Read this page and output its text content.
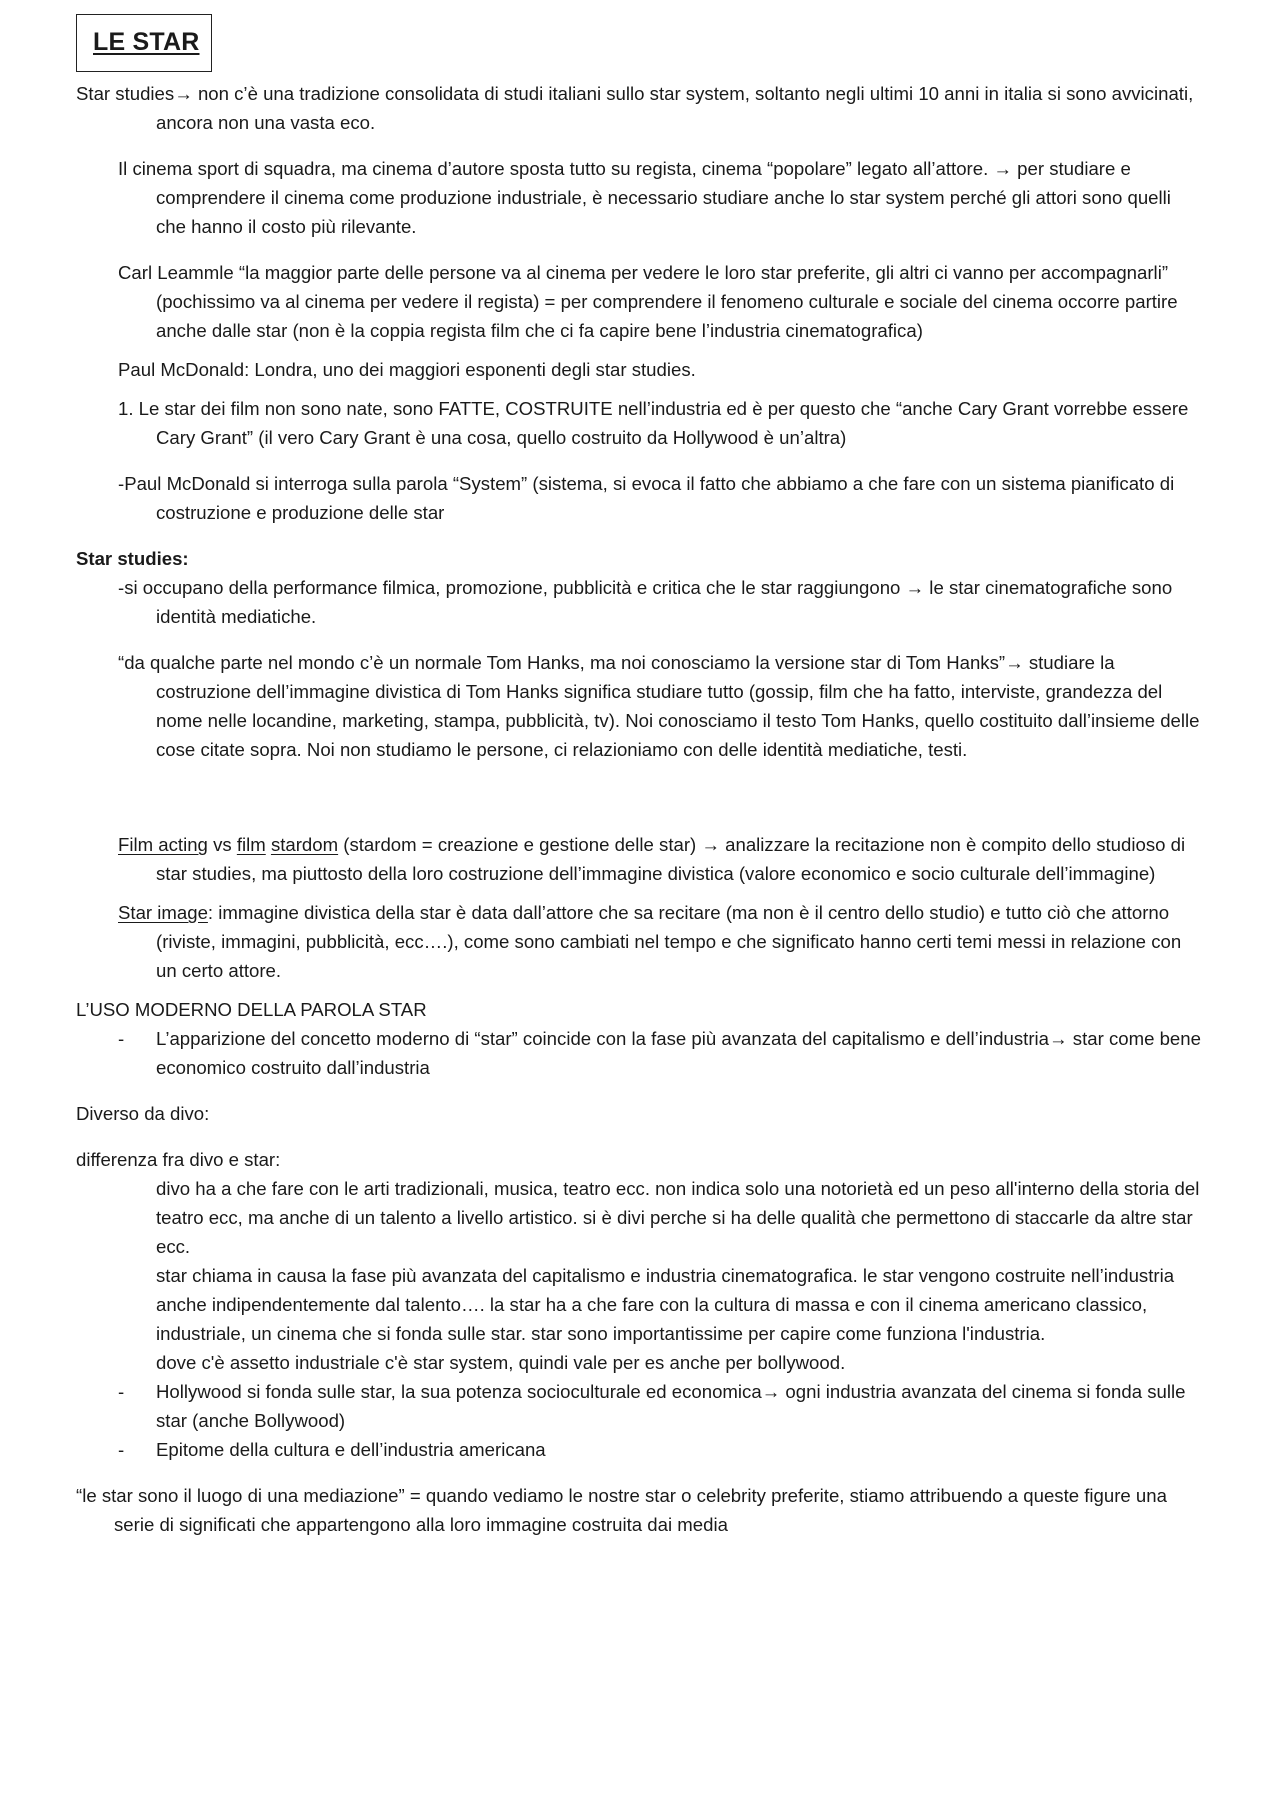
LE STAR

Star studies→ non c’è una tradizione consolidata di studi italiani sullo star system, soltanto negli ultimi 10 anni in italia si sono avvicinati, ancora non una vasta eco.

Il cinema sport di squadra, ma cinema d’autore sposta tutto su regista, cinema “popolare” legato all’attore. → per studiare e comprendere il cinema come produzione industriale, è necessario studiare anche lo star system perché gli attori sono quelli che hanno il costo più rilevante.

Carl Leammle “la maggior parte delle persone va al cinema per vedere le loro star preferite, gli altri ci vanno per accompagnarli” (pochissimo va al cinema per vedere il regista) = per comprendere il fenomeno culturale e sociale del cinema occorre partire anche dalle star (non è la coppia regista film che ci fa capire bene l’industria cinematografica)

Paul McDonald: Londra, uno dei maggiori esponenti degli star studies.

1. Le star dei film non sono nate, sono FATTE, COSTRUITE nell’industria ed è per questo che “anche Cary Grant vorrebbe essere Cary Grant” (il vero Cary Grant è una cosa, quello costruito da Hollywood è un’altra)

-Paul McDonald si interroga sulla parola “System” (sistema, si evoca il fatto che abbiamo a che fare con un sistema pianificato di costruzione e produzione delle star

Star studies:

-si occupano della performance filmica, promozione, pubblicità e critica che le star raggiungono → le star cinematografiche sono identità mediatiche.

“da qualche parte nel mondo c’è un normale Tom Hanks, ma noi conosciamo la versione star di Tom Hanks”→ studiare la costruzione dell’immagine divistica di Tom Hanks significa studiare tutto (gossip, film che ha fatto, interviste, grandezza del nome nelle locandine, marketing, stampa, pubblicità, tv). Noi conosciamo il testo Tom Hanks, quello costituito dall’insieme delle cose citate sopra. Noi non studiamo le persone, ci relazioniamo con delle identità mediatiche, testi.

Film acting vs film stardom (stardom = creazione e gestione delle star) → analizzare la recitazione non è compito dello studioso di star studies, ma piuttosto della loro costruzione dell’immagine divistica (valore economico e socio culturale dell’immagine)

Star image: immagine divistica della star è data dall’attore che sa recitare (ma non è il centro dello studio) e tutto ciò che attorno (riviste, immagini, pubblicità, ecc….), come sono cambiati nel tempo e che significato hanno certi temi messi in relazione con un certo attore.

L’USO MODERNO DELLA PAROLA STAR

- L’apparizione del concetto moderno di “star” coincide con la fase più avanzata del capitalismo e dell’industria→ star come bene economico costruito dall’industria

Diverso da divo:

differenza fra divo e star:

divo ha a che fare con le arti tradizionali, musica, teatro ecc. non indica solo una notorietà ed un peso all'interno della storia del teatro ecc, ma anche di un talento a livello artistico. si è divi perche si ha delle qualità che permettono di staccarle da altre star ecc.

star chiama in causa la fase più avanzata del capitalismo e industria cinematografica. le star vengono costruite nell’industria anche indipendentemente dal talento…. la star ha a che fare con la cultura di massa e con il cinema americano classico, industriale, un cinema che si fonda sulle star. star sono importantissime per capire come funziona l'industria.

dove c'è assetto industriale c'è star system, quindi vale per es anche per bollywood.

- Hollywood si fonda sulle star, la sua potenza socioculturale ed economica→ ogni industria avanzata del cinema si fonda sulle star (anche Bollywood)
- Epitome della cultura e dell’industria americana

“le star sono il luogo di una mediazione” = quando vediamo le nostre star o celebrity preferite, stiamo attribuendo a queste figure una serie di significati che appartengono alla loro immagine costruita dai media
